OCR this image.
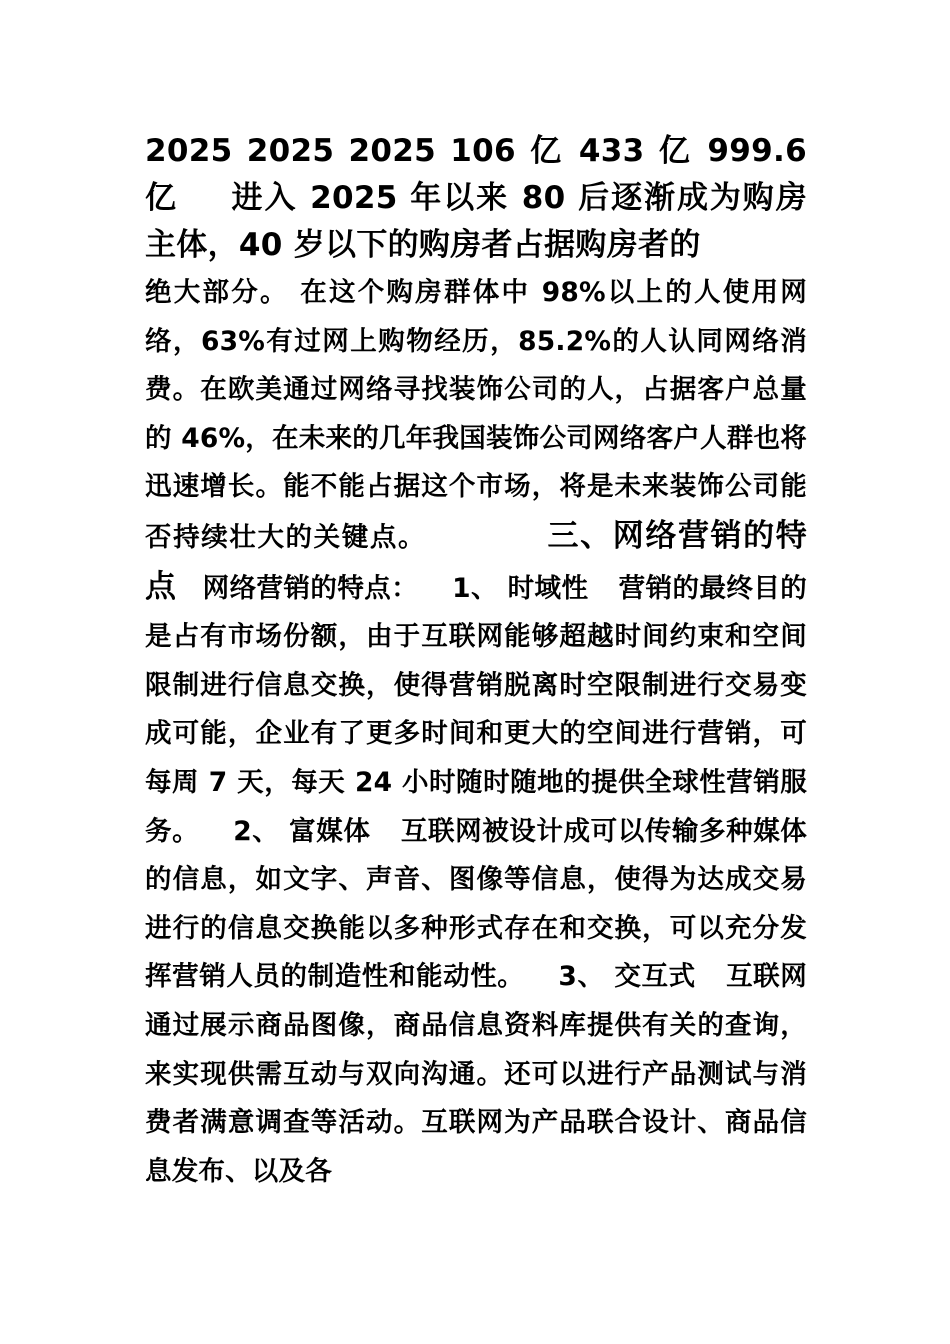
2025 2025 2025 106 亿 433 亿 999.6 亿 进入 2025 年以来 80 后逐渐成为购房主体，40 岁以下的购房者占据购房者的

绝大部分。 在这个购房群体中 98%以上的人使用网络，63%有过网上购物经历，85.2%的人认同网络消费。在欧美通过网络寻找装饰公司的人，占据客户总量的 46%，在未来的几年我国装饰公司网络客户人群也将迅速增长。能不能占据这个市场，将是未来装饰公司能否持续壮大的关键点。	三、网络营销的特点 网络营销的特点： 1、 时域性 营销的最终目的是占有市场份额，由于互联网能够超越时间约束和空间限制进行信息交换，使得营销脱离时空限制进行交易变成可能，企业有了更多时间和更大的空间进行营销，可每周 7 天，每天 24 小时随时随地的提供全球性营销服务。 2、 富媒体 互联网被设计成可以传输多种媒体的信息，如文字、声音、图像等信息，使得为达成交易进行的信息交换能以多种形式存在和交换，可以充分发挥营销人员的制造性和能动性。 3、 交互式 互联网通过展示商品图像，商品信息资料库提供有关的查询，来实现供需互动与双向沟通。还可以进行产品测试与消费者满意调查等活动。互联网为产品联合设计、商品信息发布、以及各
